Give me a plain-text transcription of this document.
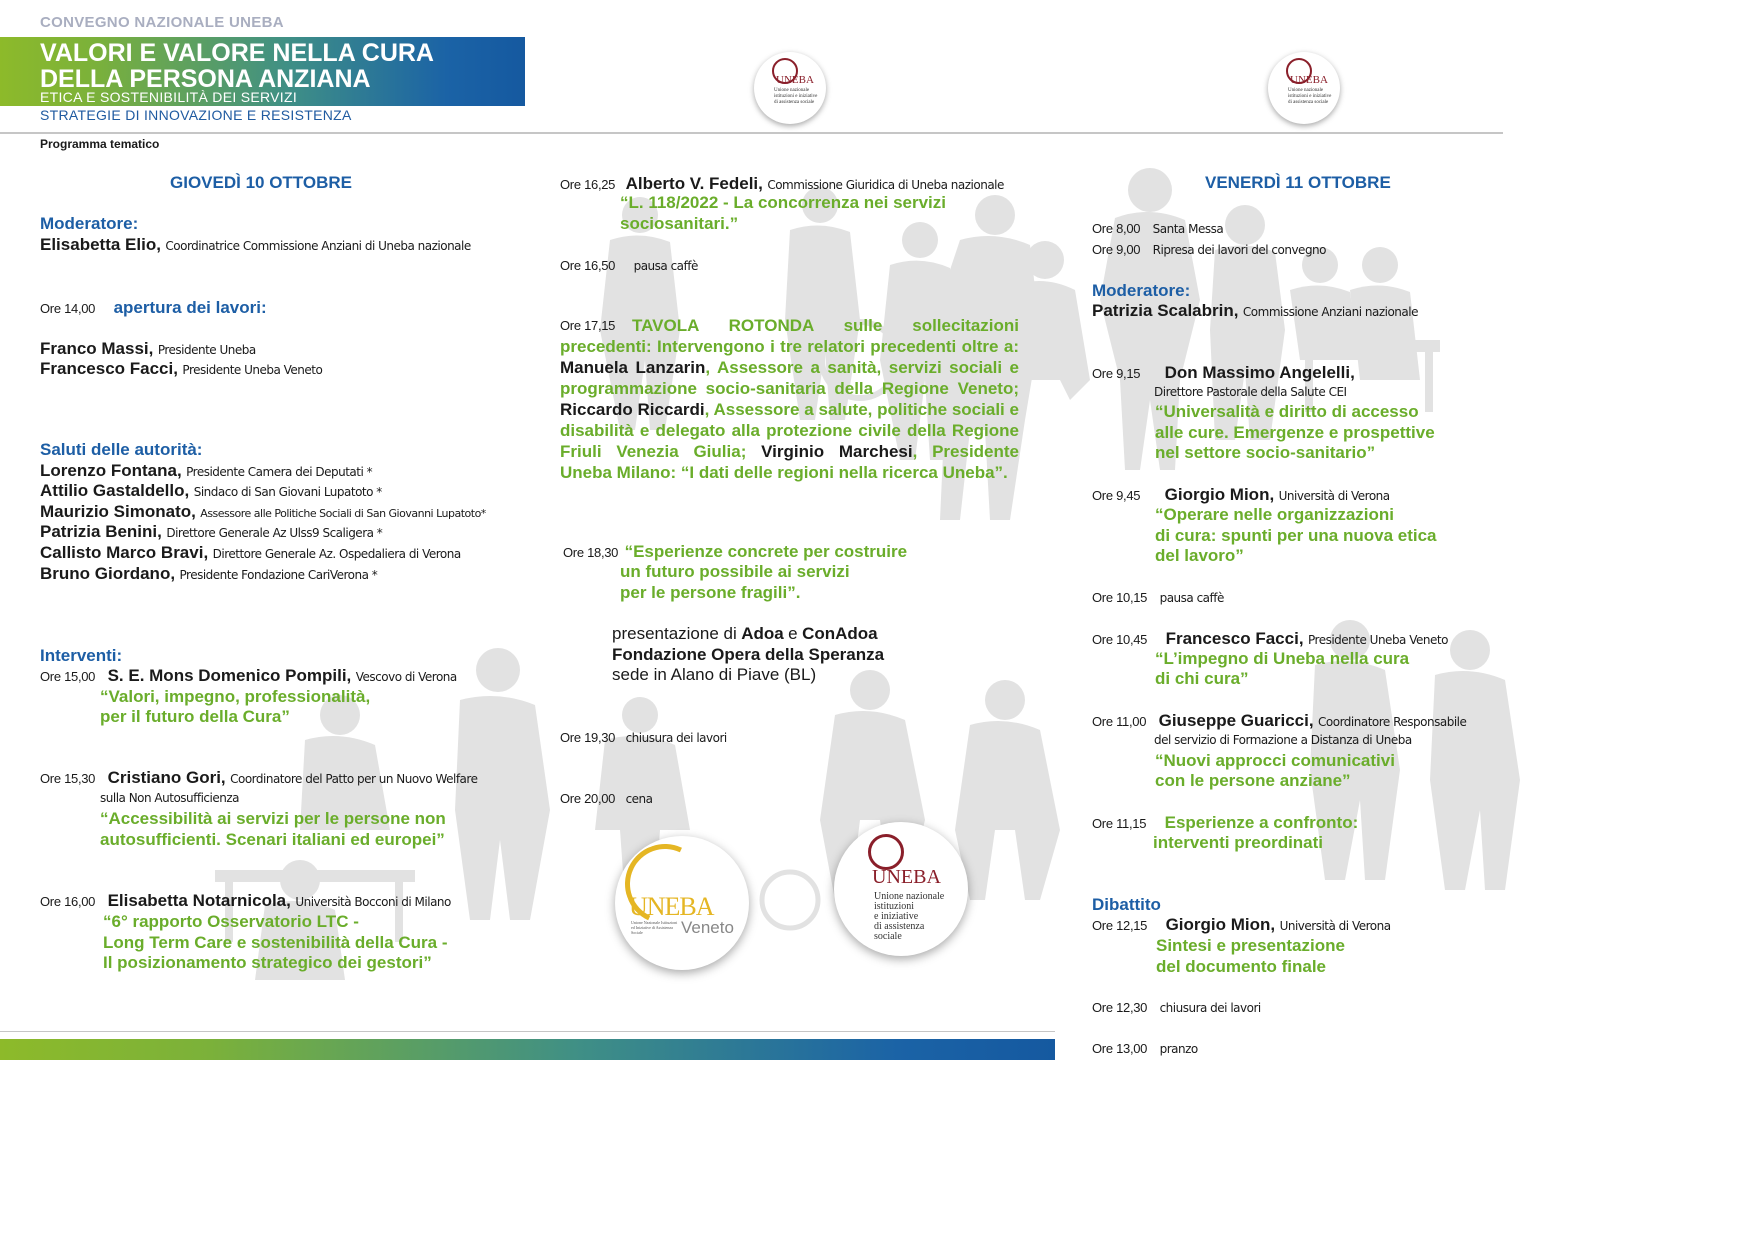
CONVEGNO NAZIONALE UNEBA
VALORI E VALORE NELLA CURA
DELLA PERSONA ANZIANA
ETICA E SOSTENIBILITÀ DEI SERVIZI
STRATEGIE DI INNOVAZIONE E RESISTENZA
Programma tematico
UNEBA
Unione nazionale istituzioni e iniziative di assistenza sociale
UNEBA
Unione nazionale istituzioni e iniziative di assistenza sociale
GIOVEDÌ 10 OTTOBRE
Moderatore:
Elisabetta Elio, Coordinatrice Commissione Anziani di Uneba nazionale
Ore 14,00 apertura dei lavori:
Franco Massi, Presidente Uneba
Francesco Facci, Presidente Uneba Veneto
Saluti delle autorità:
Lorenzo Fontana, Presidente Camera dei Deputati *
Attilio Gastaldello, Sindaco di San Giovani Lupatoto *
Maurizio Simonato, Assessore alle Politiche Sociali di San Giovanni Lupatoto*
Patrizia Benini, Direttore Generale Az Ulss9 Scaligera *
Callisto Marco Bravi, Direttore Generale Az. Ospedaliera di Verona
Bruno Giordano, Presidente Fondazione CariVerona *
Interventi:
Ore 15,00 S. E. Mons Domenico Pompili, Vescovo di Verona
“Valori, impegno, professionalità,
per il futuro della Cura”
Ore 15,30 Cristiano Gori, Coordinatore del Patto per un Nuovo Welfare
sulla Non Autosufficienza
“Accessibilità ai servizi per le persone non
autosufficienti. Scenari italiani ed europei”
Ore 16,00 Elisabetta Notarnicola, Università Bocconi di Milano
“6° rapporto Osservatorio LTC -
Long Term Care e sostenibilità della Cura -
Il posizionamento strategico dei gestori”
Ore 16,25 Alberto V. Fedeli, Commissione Giuridica di Uneba nazionale
“L. 118/2022 - La concorrenza nei servizi
sociosanitari.”
Ore 16,50 pausa caffè
Ore 17,15 TAVOLA ROTONDA sulle sollecitazioni precedenti: Intervengono i tre relatori precedenti oltre a: Manuela Lanzarin, Assessore a sanità, servizi sociali e programmazione socio-sanitaria della Regione Veneto; Riccardo Riccardi, Assessore a salute, politiche sociali e disabilità e delegato alla protezione civile della Regione Friuli Venezia Giulia; Virginio Marchesi, Presidente Uneba Milano: “I dati delle regioni nella ricerca Uneba”.
Ore 18,30 “Esperienze concrete per costruire
un futuro possibile ai servizi
per le persone fragili”.
presentazione di Adoa e ConAdoa
Fondazione Opera della Speranza
sede in Alano di Piave (BL)
Ore 19,30 chiusura dei lavori
Ore 20,00 cena
UNEBA
Unione Nazionale Istituzioni ed Iniziative di Assistenza Sociale	Veneto
UNEBA
Unione nazionale
istituzioni
e iniziative
di assistenza
sociale
VENERDÌ 11 OTTOBRE
Ore 8,00 Santa Messa
Ore 9,00 Ripresa dei lavori del convegno
Moderatore:
Patrizia Scalabrin, Commissione Anziani nazionale
Ore 9,15 Don Massimo Angelelli,
Direttore Pastorale della Salute CEI
“Universalità e diritto di accesso
alle cure. Emergenze e prospettive
nel settore socio-sanitario”
Ore 9,45 Giorgio Mion, Università di Verona
“Operare nelle organizzazioni
di cura: spunti per una nuova etica
del lavoro”
Ore 10,15 pausa caffè
Ore 10,45 Francesco Facci, Presidente Uneba Veneto
“L’impegno di Uneba nella cura
di chi cura”
Ore 11,00 Giuseppe Guaricci, Coordinatore Responsabile
del servizio di Formazione a Distanza di Uneba
“Nuovi approcci comunicativi
con le persone anziane”
Ore 11,15 Esperienze a confronto:
interventi preordinati
Dibattito
Ore 12,15 Giorgio Mion, Università di Verona
Sintesi e presentazione
del documento finale
Ore 12,30 chiusura dei lavori
Ore 13,00 pranzo
